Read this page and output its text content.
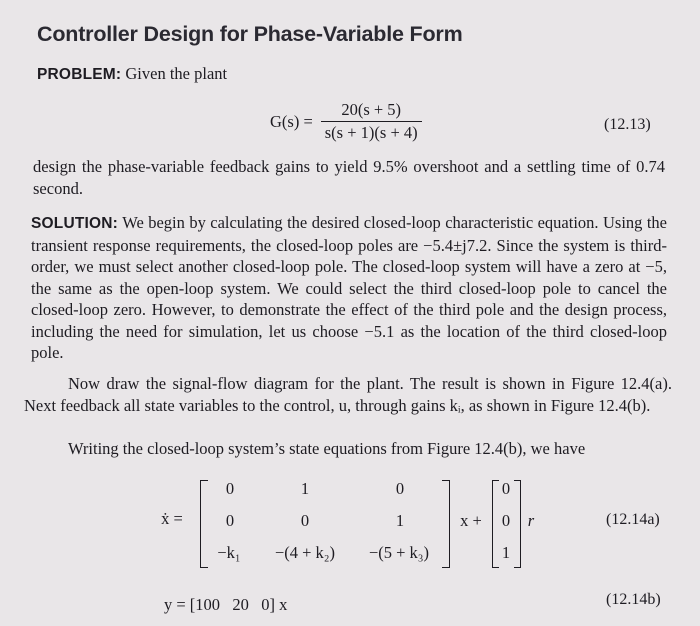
Controller Design for Phase-Variable Form
PROBLEM: Given the plant
$G(s) = \frac{20(s + 5)}{s(s + 1)(s + 4)}$	(12.13)
design the phase-variable feedback gains to yield 9.5% overshoot and a settling time of 0.74 second.
SOLUTION: We begin by calculating the desired closed-loop characteristic equation. Using the transient response requirements, the closed-loop poles are −5.4±j7.2. Since the system is third-order, we must select another closed-loop pole. The closed-loop system will have a zero at −5, the same as the open-loop system. We could select the third closed-loop pole to cancel the closed-loop zero. However, to demonstrate the effect of the third pole and the design process, including the need for simulation, let us choose −5.1 as the location of the third closed-loop pole.
Now draw the signal-flow diagram for the plant. The result is shown in Figure 12.4(a). Next feedback all state variables to the control, u, through gains kᵢ, as shown in Figure 12.4(b).
Writing the closed-loop system’s state equations from Figure 12.4(b), we have
ẋ =
0	1	0
0	0	1
−k₁	−(4 + k₂)	−(5 + k₃)
x +
0
0
1
r	(12.14a)
y = [100   20   0] x	(12.14b)
